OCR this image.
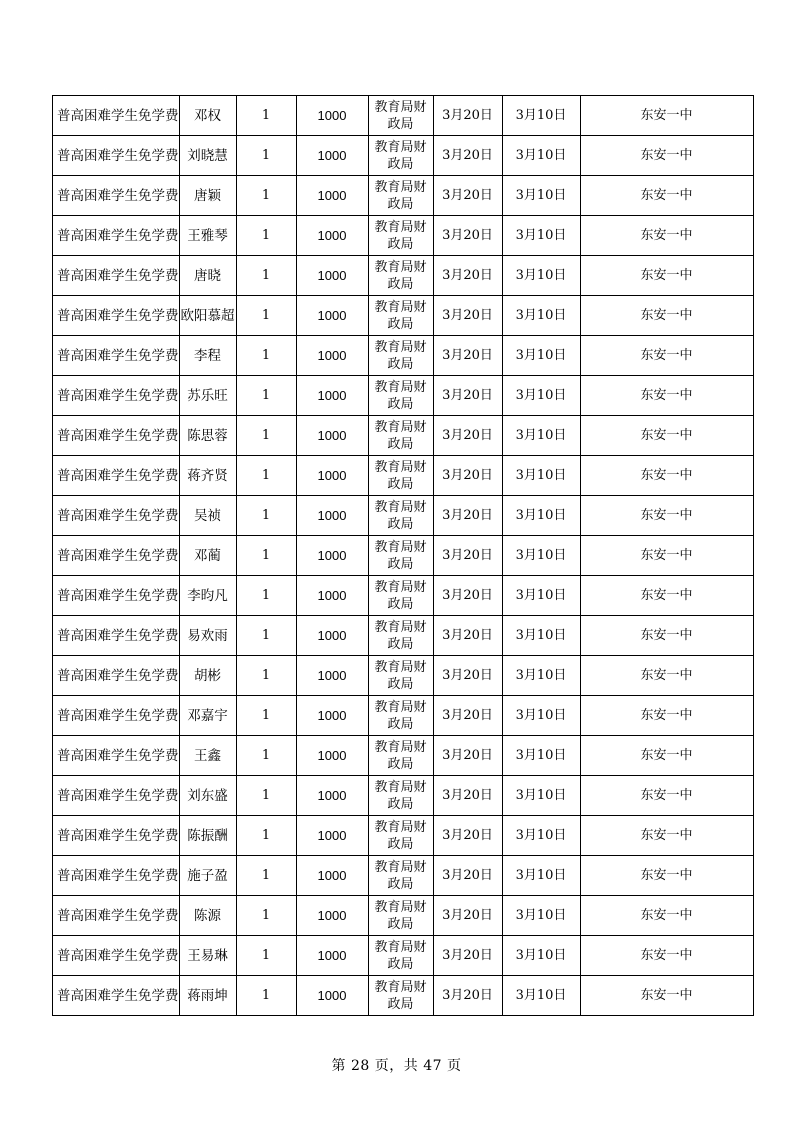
普高困难学生免学费	邓权	1	1000	教育局财政局	3月20日	3月10日	东安一中
普高困难学生免学费	刘晓慧	1	1000	教育局财政局	3月20日	3月10日	东安一中
普高困难学生免学费	唐颖	1	1000	教育局财政局	3月20日	3月10日	东安一中
普高困难学生免学费	王雅琴	1	1000	教育局财政局	3月20日	3月10日	东安一中
普高困难学生免学费	唐晓	1	1000	教育局财政局	3月20日	3月10日	东安一中
普高困难学生免学费	欧阳慕超	1	1000	教育局财政局	3月20日	3月10日	东安一中
普高困难学生免学费	李程	1	1000	教育局财政局	3月20日	3月10日	东安一中
普高困难学生免学费	苏乐旺	1	1000	教育局财政局	3月20日	3月10日	东安一中
普高困难学生免学费	陈思蓉	1	1000	教育局财政局	3月20日	3月10日	东安一中
普高困难学生免学费	蒋齐贤	1	1000	教育局财政局	3月20日	3月10日	东安一中
普高困难学生免学费	吴祯	1	1000	教育局财政局	3月20日	3月10日	东安一中
普高困难学生免学费	邓蔺	1	1000	教育局财政局	3月20日	3月10日	东安一中
普高困难学生免学费	李昀凡	1	1000	教育局财政局	3月20日	3月10日	东安一中
普高困难学生免学费	易欢雨	1	1000	教育局财政局	3月20日	3月10日	东安一中
普高困难学生免学费	胡彬	1	1000	教育局财政局	3月20日	3月10日	东安一中
普高困难学生免学费	邓嘉宇	1	1000	教育局财政局	3月20日	3月10日	东安一中
普高困难学生免学费	王鑫	1	1000	教育局财政局	3月20日	3月10日	东安一中
普高困难学生免学费	刘东盛	1	1000	教育局财政局	3月20日	3月10日	东安一中
普高困难学生免学费	陈振酬	1	1000	教育局财政局	3月20日	3月10日	东安一中
普高困难学生免学费	施子盈	1	1000	教育局财政局	3月20日	3月10日	东安一中
普高困难学生免学费	陈源	1	1000	教育局财政局	3月20日	3月10日	东安一中
普高困难学生免学费	王易琳	1	1000	教育局财政局	3月20日	3月10日	东安一中
普高困难学生免学费	蒋雨坤	1	1000	教育局财政局	3月20日	3月10日	东安一中
第 28 页，共 47 页
